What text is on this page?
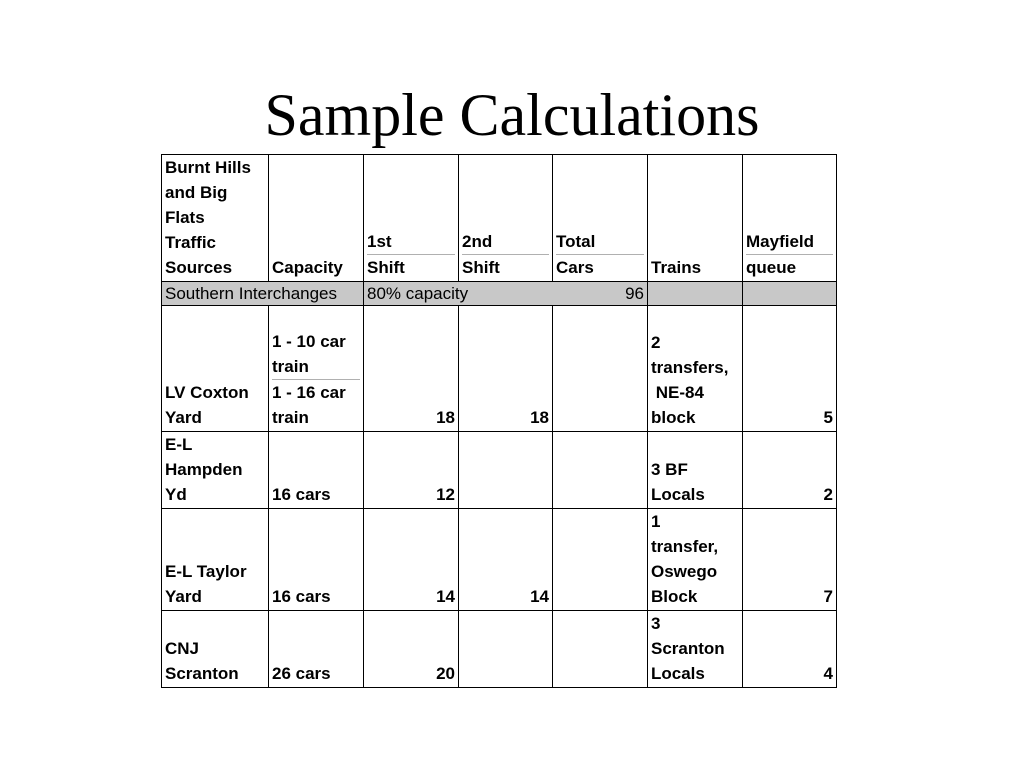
Sample Calculations
Burnt Hills
and Big
Flats
Traffic
Sources	Capacity	1st
Shift	2nd
Shift	Total
Cars	Trains	Mayfield
queue

Southern Interchanges		80% capacity		96		

LV Coxton
Yard	1 - 10 car
train
1 - 16 car
train	18	18		2
transfers,
NE-84
block	5

E-L
Hampden
Yd	16 cars	12			3 BF
Locals	2

E-L Taylor
Yard	16 cars	14	14		1
transfer,
Oswego
Block	7

CNJ
Scranton	26 cars	20			3
Scranton
Locals	4
